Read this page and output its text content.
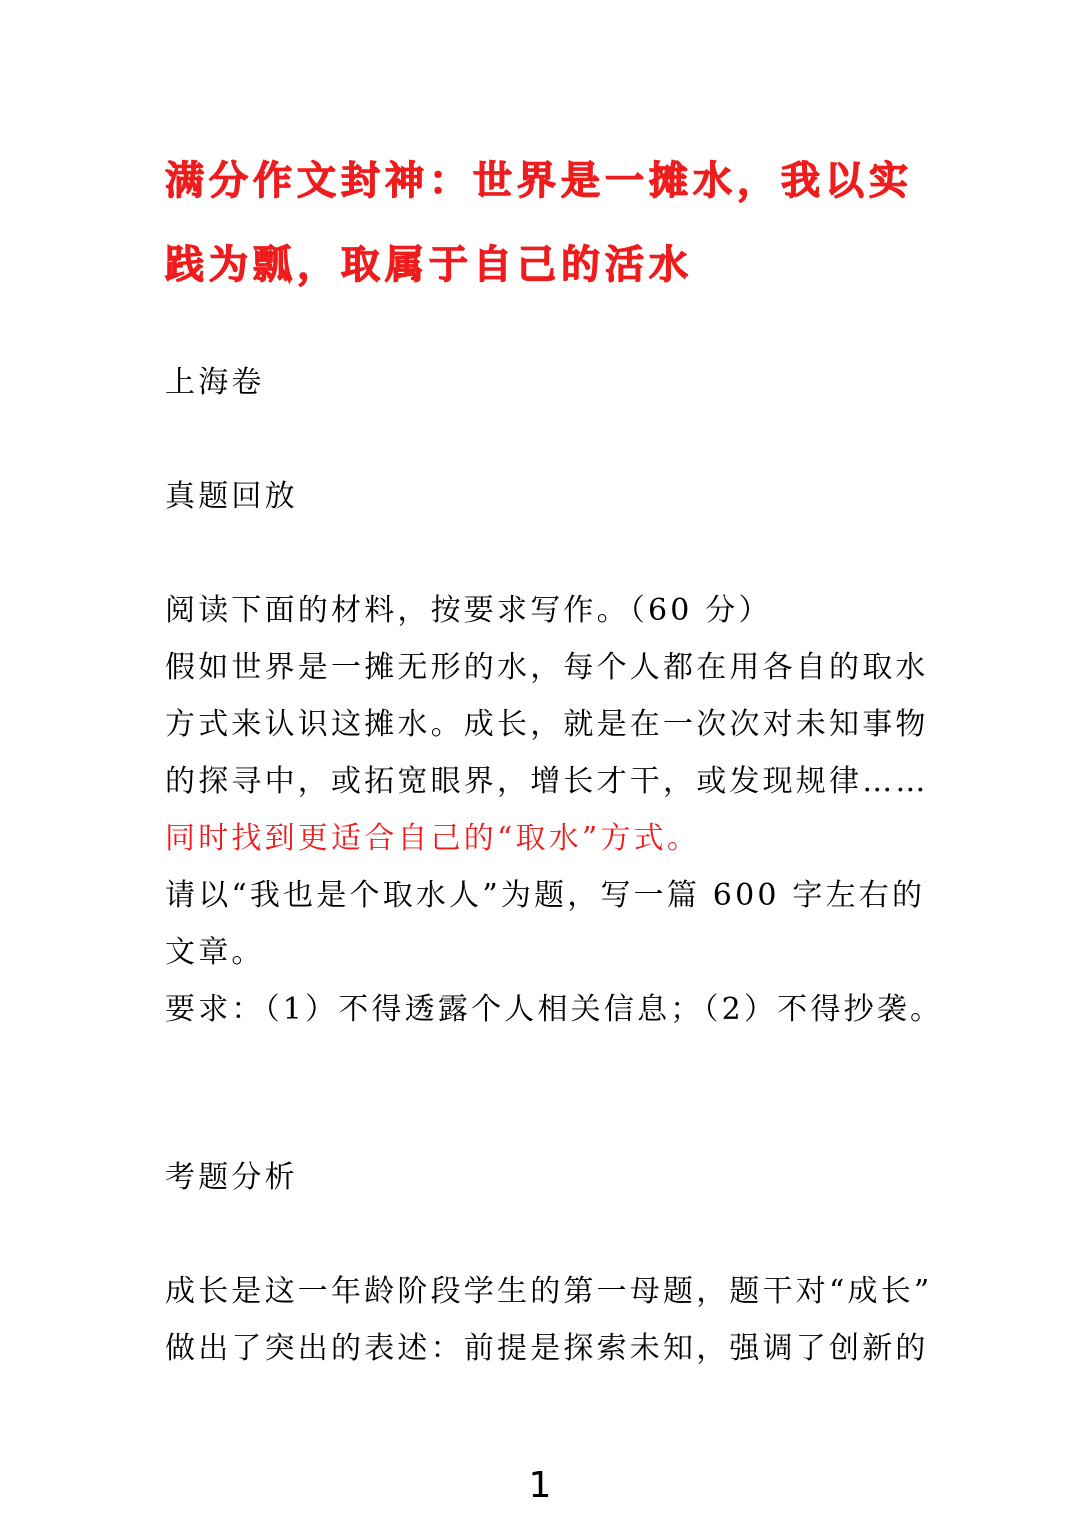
满分作文封神：世界是一摊水，我以实
践为瓢，取属于自己的活水
上海卷
真题回放
阅读下面的材料，按要求写作。（60 分）
假如世界是一摊无形的水，每个人都在用各自的取水
方式来认识这摊水。成长，就是在一次次对未知事物
的探寻中，或拓宽眼界，增长才干，或发现规律……
同时找到更适合自己的“取水”方式。
请以“我也是个取水人”为题，写一篇 600 字左右的
文章。
要求：（1）不得透露个人相关信息；（2）不得抄袭。
考题分析
成长是这一年龄阶段学生的第一母题，题干对“成长”
做出了突出的表述：前提是探索未知，强调了创新的
1
